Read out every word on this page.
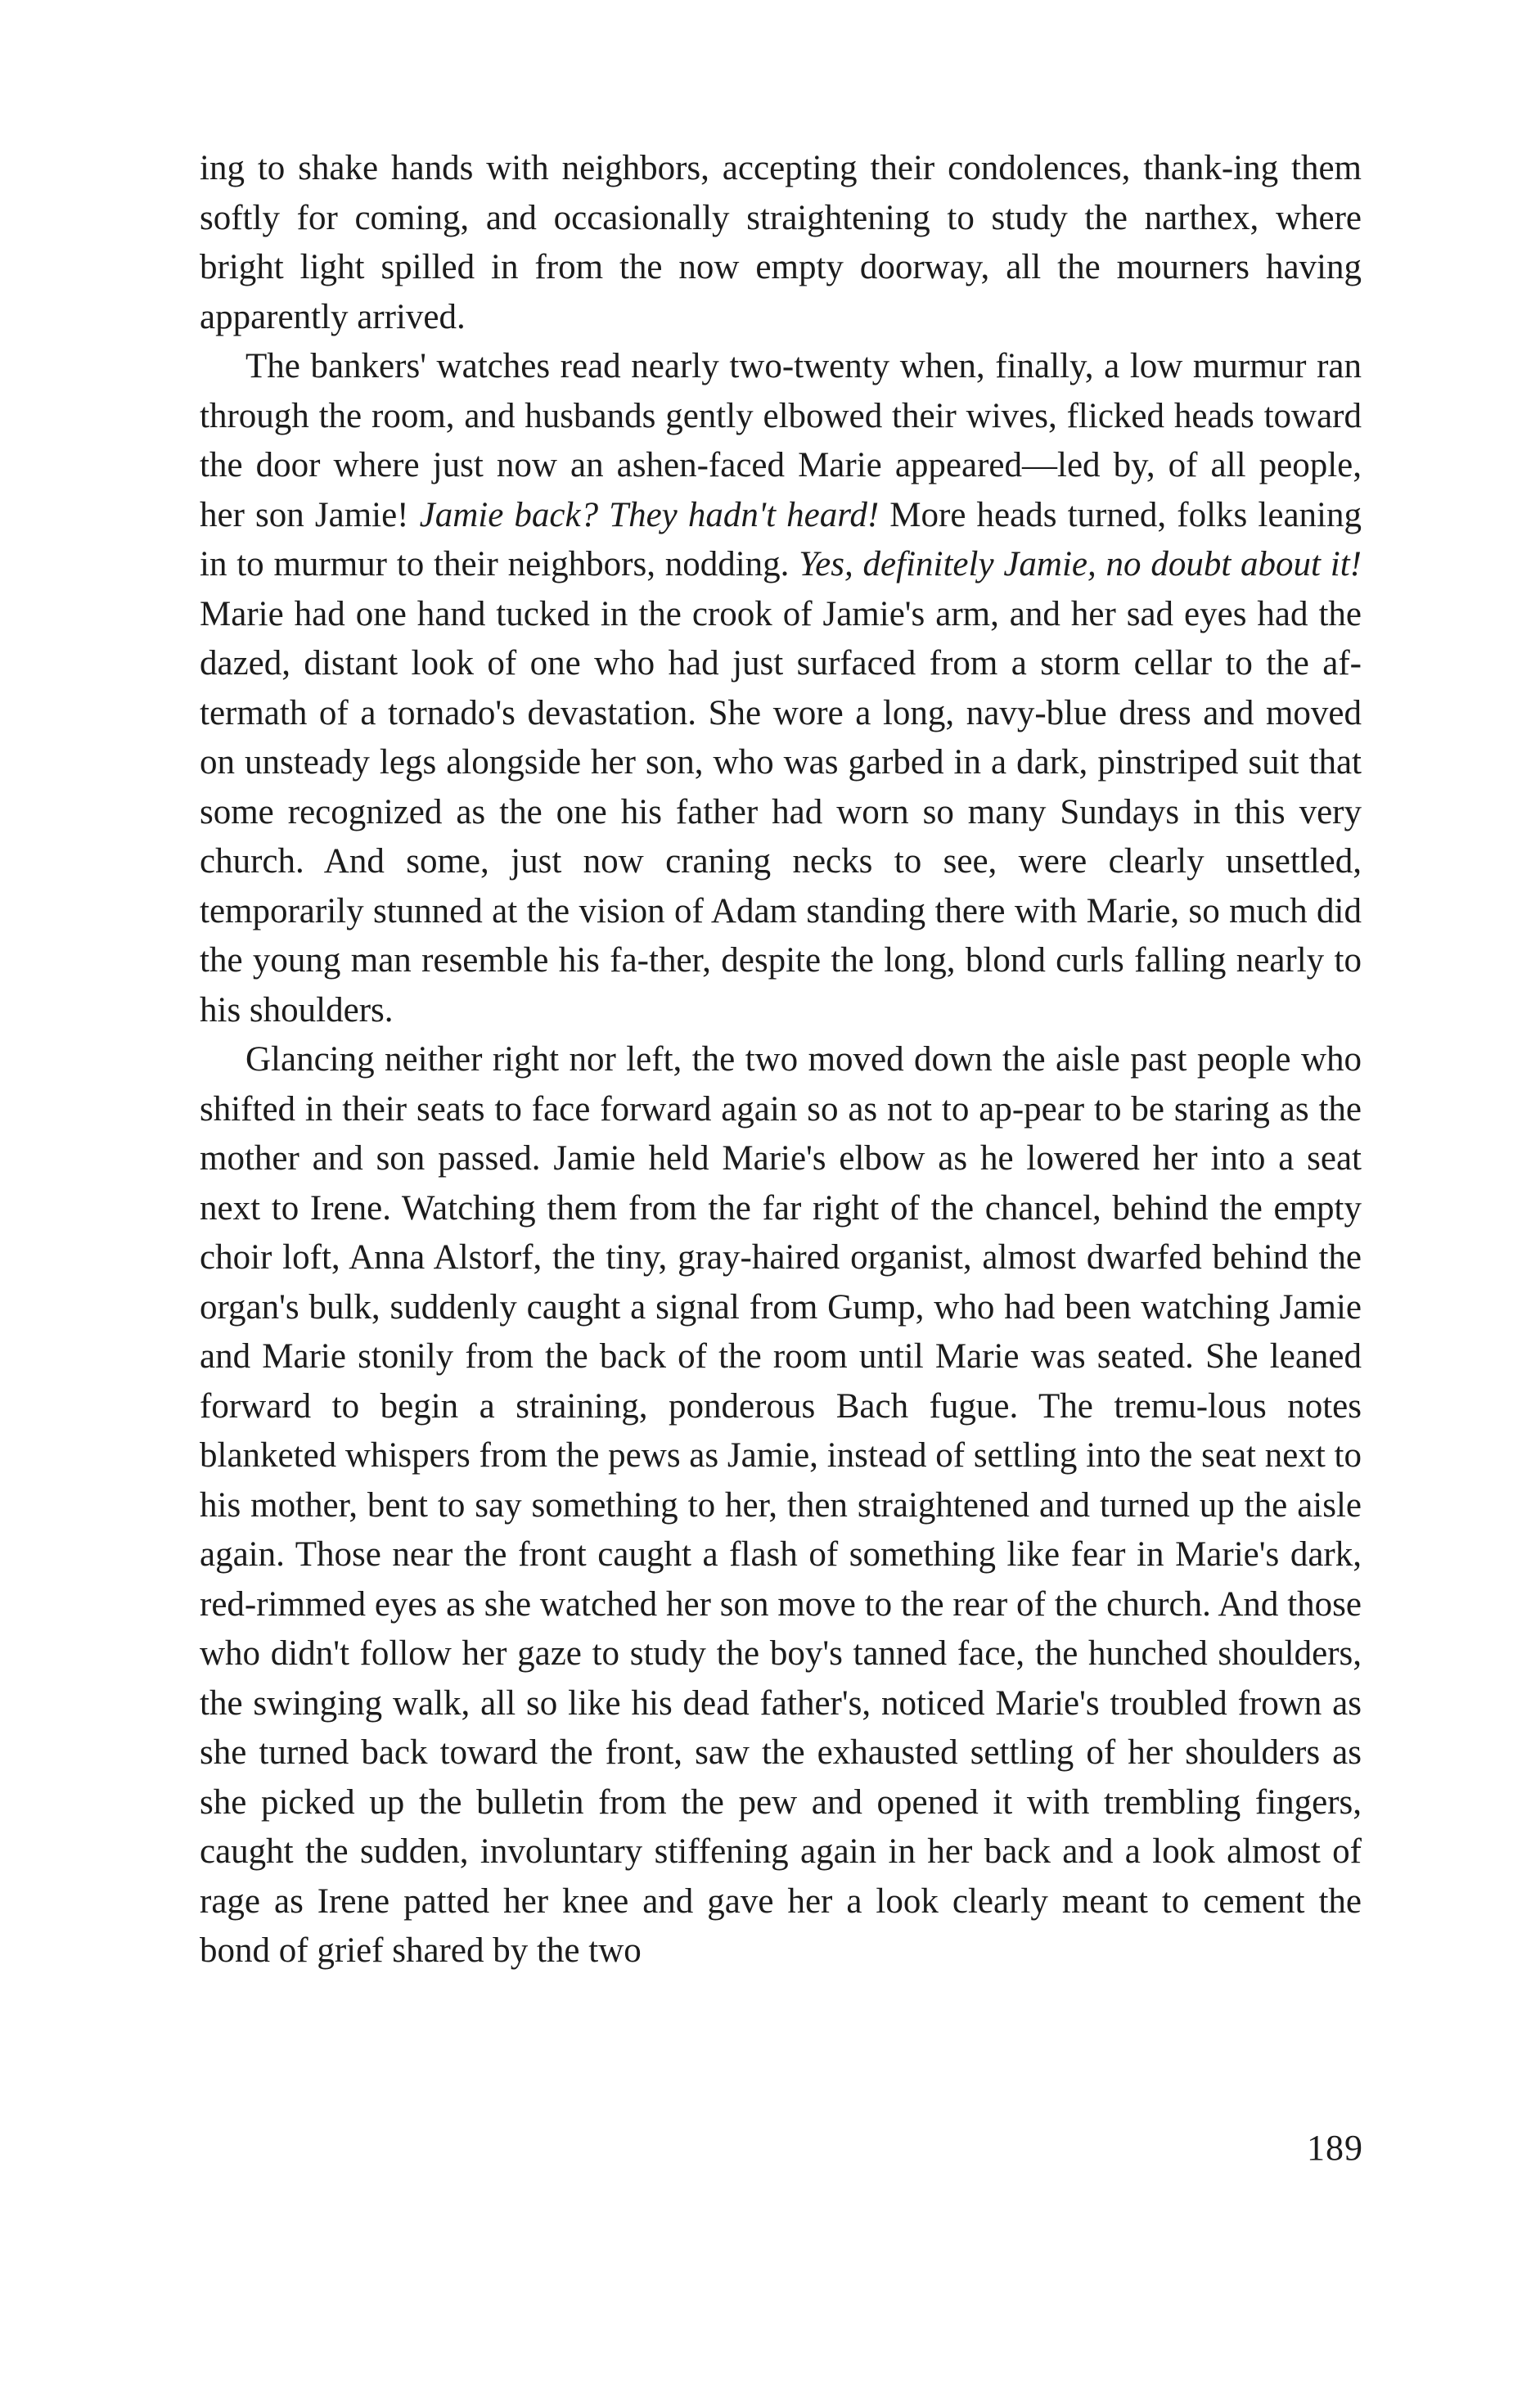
ing to shake hands with neighbors, accepting their condolences, thank-ing them softly for coming, and occasionally straightening to study the narthex, where bright light spilled in from the now empty doorway, all the mourners having apparently arrived.

The bankers' watches read nearly two-twenty when, finally, a low murmur ran through the room, and husbands gently elbowed their wives, flicked heads toward the door where just now an ashen-faced Marie appeared—led by, of all people, her son Jamie! Jamie back? They hadn't heard! More heads turned, folks leaning in to murmur to their neighbors, nodding. Yes, definitely Jamie, no doubt about it! Marie had one hand tucked in the crook of Jamie's arm, and her sad eyes had the dazed, distant look of one who had just surfaced from a storm cellar to the af-termath of a tornado's devastation. She wore a long, navy-blue dress and moved on unsteady legs alongside her son, who was garbed in a dark, pinstriped suit that some recognized as the one his father had worn so many Sundays in this very church. And some, just now craning necks to see, were clearly unsettled, temporarily stunned at the vision of Adam standing there with Marie, so much did the young man resemble his fa-ther, despite the long, blond curls falling nearly to his shoulders.

Glancing neither right nor left, the two moved down the aisle past people who shifted in their seats to face forward again so as not to ap-pear to be staring as the mother and son passed. Jamie held Marie's elbow as he lowered her into a seat next to Irene. Watching them from the far right of the chancel, behind the empty choir loft, Anna Alstorf, the tiny, gray-haired organist, almost dwarfed behind the organ's bulk, suddenly caught a signal from Gump, who had been watching Jamie and Marie stonily from the back of the room until Marie was seated. She leaned forward to begin a straining, ponderous Bach fugue. The tremu-lous notes blanketed whispers from the pews as Jamie, instead of settling into the seat next to his mother, bent to say something to her, then straightened and turned up the aisle again. Those near the front caught a flash of something like fear in Marie's dark, red-rimmed eyes as she watched her son move to the rear of the church. And those who didn't follow her gaze to study the boy's tanned face, the hunched shoulders, the swinging walk, all so like his dead father's, noticed Marie's troubled frown as she turned back toward the front, saw the exhausted settling of her shoulders as she picked up the bulletin from the pew and opened it with trembling fingers, caught the sudden, involuntary stiffening again in her back and a look almost of rage as Irene patted her knee and gave her a look clearly meant to cement the bond of grief shared by the two

189
